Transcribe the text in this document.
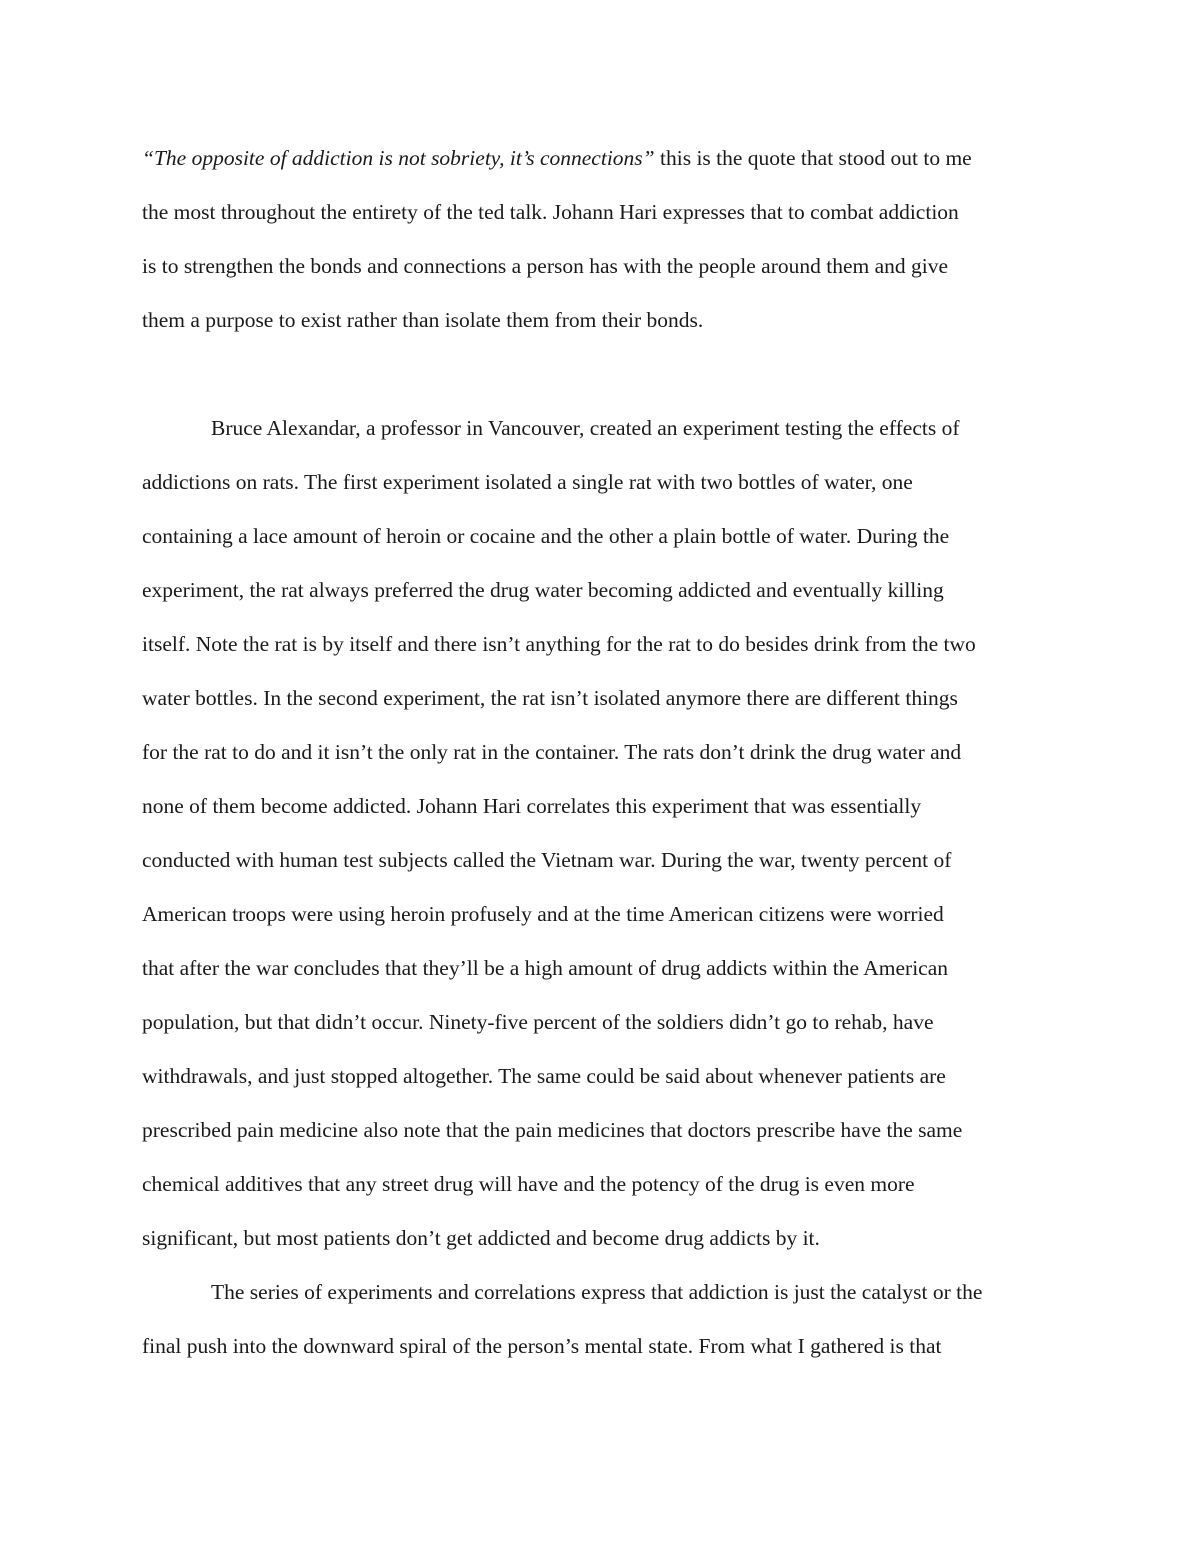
“The opposite of addiction is not sobriety, it’s connections” this is the quote that stood out to me

the most throughout the entirety of the ted talk. Johann Hari expresses that to combat addiction

is to strengthen the bonds and connections a person has with the people around them and give

them a purpose to exist rather than isolate them from their bonds.

Bruce Alexandar, a professor in Vancouver, created an experiment testing the effects of

addictions on rats. The first experiment isolated a single rat with two bottles of water, one

containing a lace amount of heroin or cocaine and the other a plain bottle of water. During the

experiment, the rat always preferred the drug water becoming addicted and eventually killing

itself. Note the rat is by itself and there isn’t anything for the rat to do besides drink from the two

water bottles. In the second experiment, the rat isn’t isolated anymore there are different things

for the rat to do and it isn’t the only rat in the container. The rats don’t drink the drug water and

none of them become addicted. Johann Hari correlates this experiment that was essentially

conducted with human test subjects called the Vietnam war. During the war, twenty percent of

American troops were using heroin profusely and at the time American citizens were worried

that after the war concludes that they’ll be a high amount of drug addicts within the American

population, but that didn’t occur. Ninety-five percent of the soldiers didn’t go to rehab, have

withdrawals, and just stopped altogether. The same could be said about whenever patients are

prescribed pain medicine also note that the pain medicines that doctors prescribe have the same

chemical additives that any street drug will have and the potency of the drug is even more

significant, but most patients don’t get addicted and become drug addicts by it.

The series of experiments and correlations express that addiction is just the catalyst or the

final push into the downward spiral of the person’s mental state. From what I gathered is that
